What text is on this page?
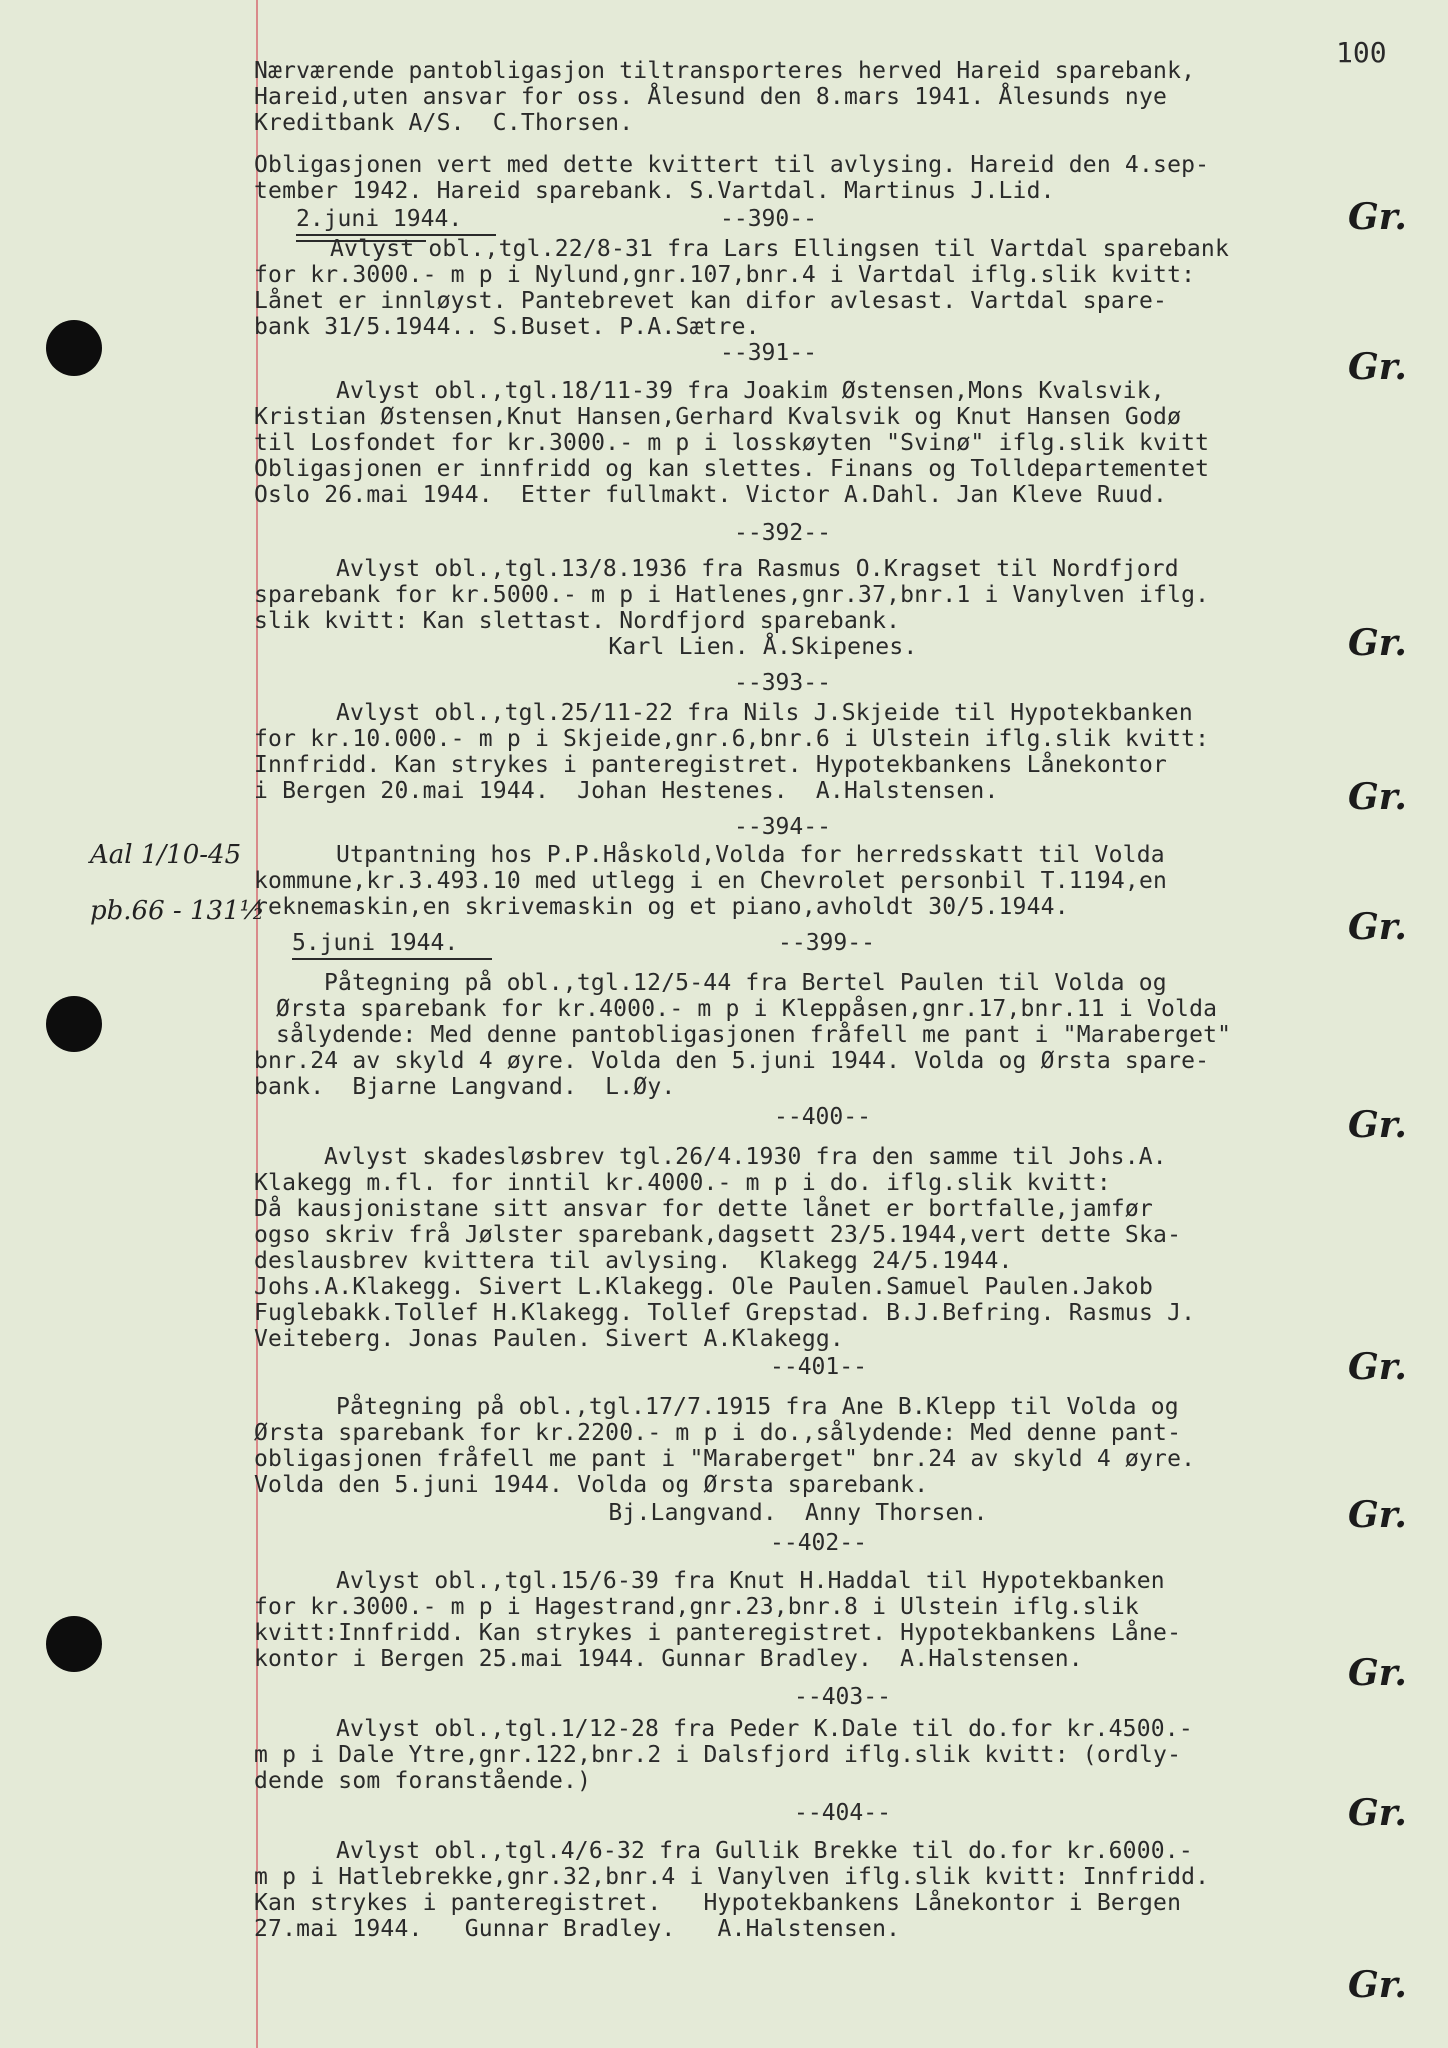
100
Nærværende pantobligasjon tiltransporteres herved Hareid sparebank,
Hareid,uten ansvar for oss. Ålesund den 8.mars 1941. Ålesunds nye
Kreditbank A/S.  C.Thorsen.
Obligasjonen vert med dette kvittert til avlysing. Hareid den 4.sep-
tember 1942. Hareid sparebank. S.Vartdal. Martinus J.Lid.
2.juni 1944.	--390--
Avlyst obl.,tgl.22/8-31 fra Lars Ellingsen til Vartdal sparebank
for kr.3000.- m p i Nylund,gnr.107,bnr.4 i Vartdal iflg.slik kvitt:
Lånet er innløyst. Pantebrevet kan difor avlesast. Vartdal spare-
bank 31/5.1944.. S.Buset. P.A.Sætre.
Gr.
--391--
Avlyst obl.,tgl.18/11-39 fra Joakim Østensen,Mons Kvalsvik,
Kristian Østensen,Knut Hansen,Gerhard Kvalsvik og Knut Hansen Godø
til Losfondet for kr.3000.- m p i losskøyten "Svinø" iflg.slik kvitt
Obligasjonen er innfridd og kan slettes. Finans og Tolldepartementet
Oslo 26.mai 1944.  Etter fullmakt. Victor A.Dahl. Jan Kleve Ruud.
Gr.
--392--
Avlyst obl.,tgl.13/8.1936 fra Rasmus O.Kragset til Nordfjord
sparebank for kr.5000.- m p i Hatlenes,gnr.37,bnr.1 i Vanylven iflg.
slik kvitt: Kan slettast. Nordfjord sparebank.
Karl Lien. Å.Skipenes.	Gr.
--393--
Avlyst obl.,tgl.25/11-22 fra Nils J.Skjeide til Hypotekbanken
for kr.10.000.- m p i Skjeide,gnr.6,bnr.6 i Ulstein iflg.slik kvitt:
Innfridd. Kan strykes i panteregistret. Hypotekbankens Lånekontor
i Bergen 20.mai 1944.  Johan Hestenes.  A.Halstensen.	Gr.
--394--
Utpantning hos P.P.Håskold,Volda for herredsskatt til Volda
kommune,kr.3.493.10 med utlegg i en Chevrolet personbil T.1194,en
reknemaskin,en skrivemaskin og et piano,avholdt 30/5.1944.	Gr.
Aal 1/10-45
pb.66 - 131½
5.juni 1944.	--399--
Påtegning på obl.,tgl.12/5-44 fra Bertel Paulen til Volda og
Ørsta sparebank for kr.4000.- m p i Kleppåsen,gnr.17,bnr.11 i Volda
sålydende: Med denne pantobligasjonen fråfell me pant i "Maraberget"
bnr.24 av skyld 4 øyre. Volda den 5.juni 1944. Volda og Ørsta spare-
bank.  Bjarne Langvand.  L.Øy.
Gr.
--400--
Avlyst skadesløsbrev tgl.26/4.1930 fra den samme til Johs.A.
Klakegg m.fl. for inntil kr.4000.- m p i do. iflg.slik kvitt:
Då kausjonistane sitt ansvar for dette lånet er bortfalle,jamfør
ogso skriv frå Jølster sparebank,dagsett 23/5.1944,vert dette Ska-
deslausbrev kvittera til avlysing.  Klakegg 24/5.1944.
Johs.A.Klakegg. Sivert L.Klakegg. Ole Paulen.Samuel Paulen.Jakob
Fuglebakk.Tollef H.Klakegg. Tollef Grepstad. B.J.Befring. Rasmus J.
Veiteberg. Jonas Paulen. Sivert A.Klakegg.
Gr.
--401--
Påtegning på obl.,tgl.17/7.1915 fra Ane B.Klepp til Volda og
Ørsta sparebank for kr.2200.- m p i do.,sålydende: Med denne pant-
obligasjonen fråfell me pant i "Maraberget" bnr.24 av skyld 4 øyre.
Volda den 5.juni 1944. Volda og Ørsta sparebank.
Bj.Langvand.  Anny Thorsen.	Gr.
--402--
Avlyst obl.,tgl.15/6-39 fra Knut H.Haddal til Hypotekbanken
for kr.3000.- m p i Hagestrand,gnr.23,bnr.8 i Ulstein iflg.slik
kvitt:Innfridd. Kan strykes i panteregistret. Hypotekbankens Låne-
kontor i Bergen 25.mai 1944. Gunnar Bradley.  A.Halstensen.	Gr.
--403--
Avlyst obl.,tgl.1/12-28 fra Peder K.Dale til do.for kr.4500.-
m p i Dale Ytre,gnr.122,bnr.2 i Dalsfjord iflg.slik kvitt: (ordly-
dende som foranstående.)
Gr.
--404--
Avlyst obl.,tgl.4/6-32 fra Gullik Brekke til do.for kr.6000.-
m p i Hatlebrekke,gnr.32,bnr.4 i Vanylven iflg.slik kvitt: Innfridd.
Kan strykes i panteregistret.   Hypotekbankens Lånekontor i Bergen
27.mai 1944.   Gunnar Bradley.   A.Halstensen.
Gr.
